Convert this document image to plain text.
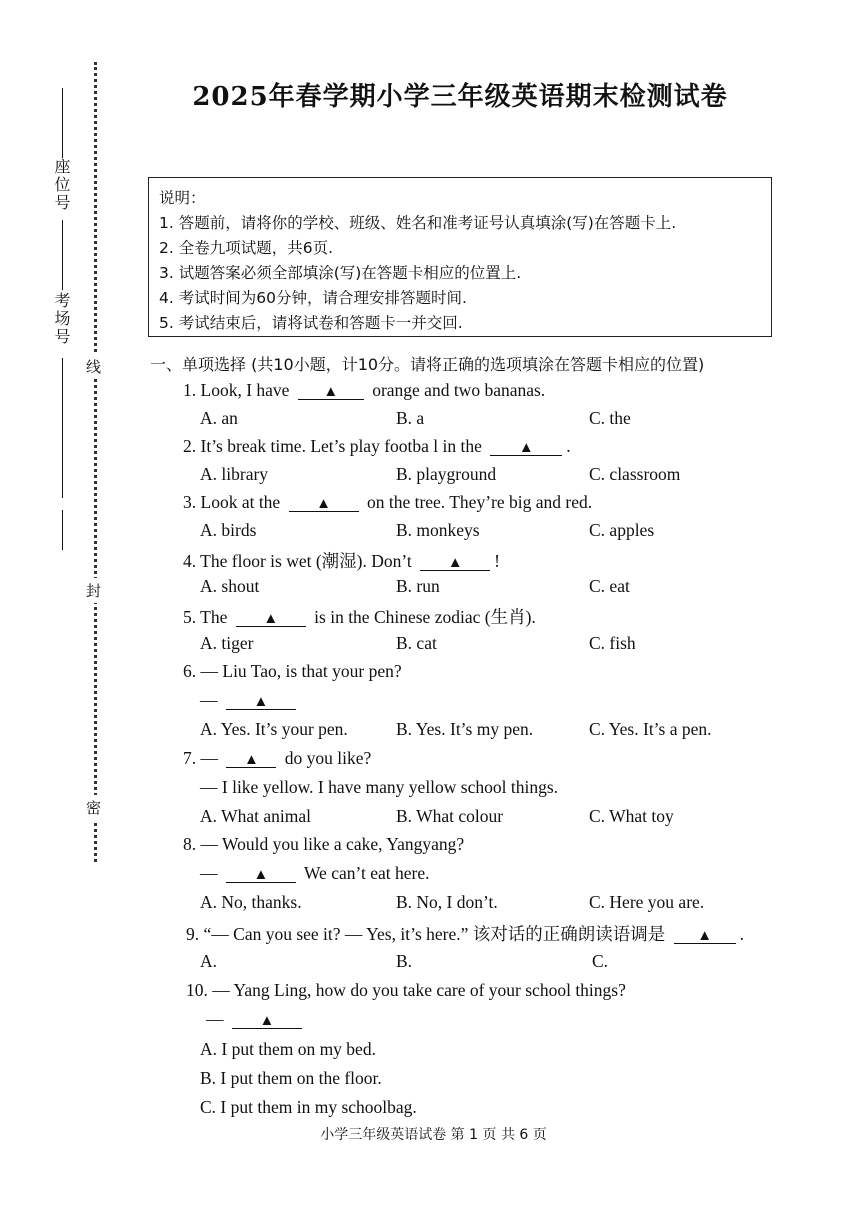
座位号
考场号
线
封
密
2025年春学期小学三年级英语期末检测试卷
说明：
1. 答题前，请将你的学校、班级、姓名和准考证号认真填涂(写)在答题卡上.
2. 全卷九项试题，共6页.
3. 试题答案必须全部填涂(写)在答题卡相应的位置上.
4. 考试时间为60分钟，请合理安排答题时间.
5. 考试结束后，请将试卷和答题卡一并交回.
一、单项选择 (共10小题，计10分。请将正确的选项填涂在答题卡相应的位置)
1. Look, I have ▲ orange and two bananas.
A. an	B. a	C. the
2. It’s break time. Let’s play footba l in the ▲ .
A. library	B. playground	C. classroom
3. Look at the ▲ on the tree. They’re big and red.
A. birds	B. monkeys	C. apples
4. The floor is wet (潮湿). Don’t ▲ !
A. shout	B. run	C. eat
5. The ▲ is in the Chinese zodiac (生肖).
A. tiger	B. cat	C. fish
6. — Liu Tao, is that your pen?
— ▲
A. Yes. It’s your pen.	B. Yes. It’s my pen.	C. Yes. It’s a pen.
7. — ▲ do you like?
— I like yellow. I have many yellow school things.
A. What animal	B. What colour	C. What toy
8. — Would you like a cake, Yangyang?
— ▲ We can’t eat here.
A. No, thanks.	B. No, I don’t.	C. Here you are.
9. “— Can you see it? — Yes, it’s here.” 该对话的正确朗读语调是 ▲ .
A.	B.	C.
10. — Yang Ling, how do you take care of your school things?
— ▲
A. I put them on my bed.
B. I put them on the floor.
C. I put them in my schoolbag.
小学三年级英语试卷 第 1 页 共 6 页
